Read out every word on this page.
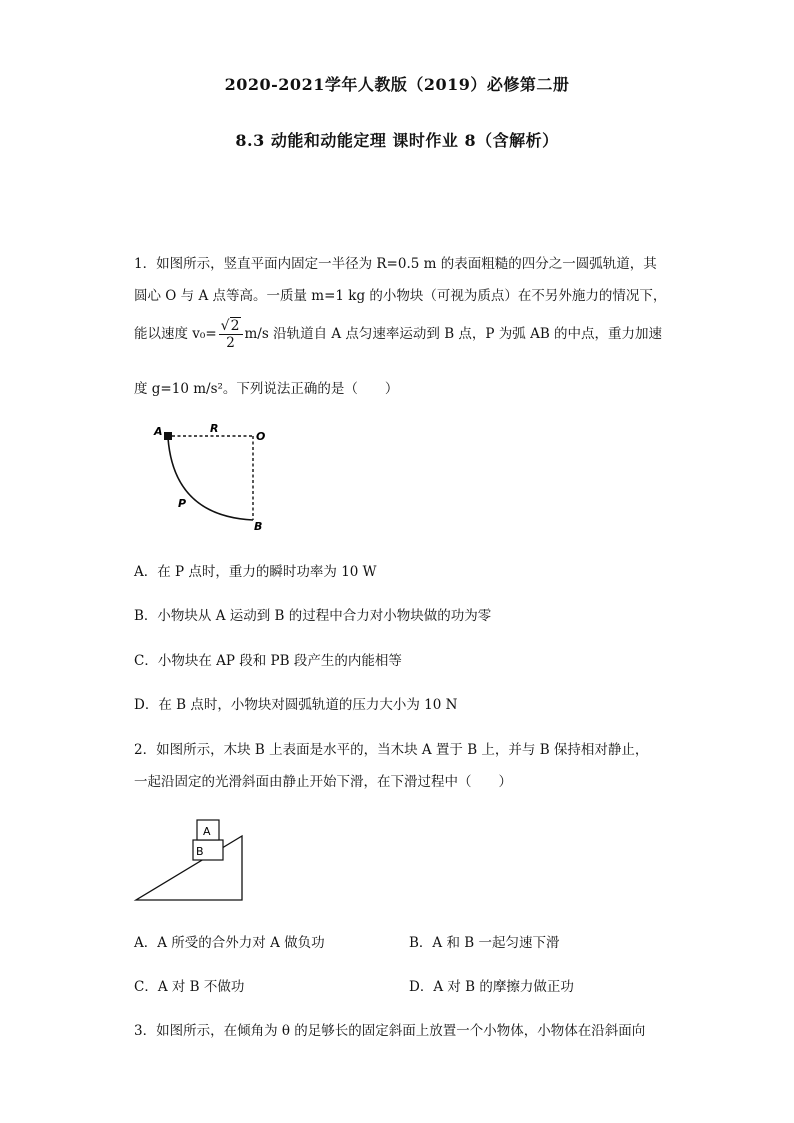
2020-2021学年人教版（2019）必修第二册
8.3 动能和动能定理 课时作业 8（含解析）
1．如图所示，竖直平面内固定一半径为 R=0.5 m 的表面粗糙的四分之一圆弧轨道，其
圆心 O 与 A 点等高。一质量 m=1 kg 的小物块（可视为质点）在不另外施力的情况下，
能以速度 $v_0= \frac{√2}{2} m/s$ 沿轨道自 A 点匀速率运动到 B 点，P 为弧 AB 的中点，重力加速
度 g=10 m/s²。下列说法正确的是（　　）
A	R
O
P
B
A．在 P 点时，重力的瞬时功率为 10 W
B．小物块从 A 运动到 B 的过程中合力对小物块做的功为零
C．小物块在 AP 段和 PB 段产生的内能相等
D．在 B 点时，小物块对圆弧轨道的压力大小为 10 N
2．如图所示，木块 B 上表面是水平的，当木块 A 置于 B 上，并与 B 保持相对静止，
一起沿固定的光滑斜面由静止开始下滑，在下滑过程中（　　）
A
B
A．A 所受的合外力对 A 做负功	B．A 和 B 一起匀速下滑
C．A 对 B 不做功	D．A 对 B 的摩擦力做正功
3．如图所示，在倾角为 θ 的足够长的固定斜面上放置一个小物体，小物体在沿斜面向
